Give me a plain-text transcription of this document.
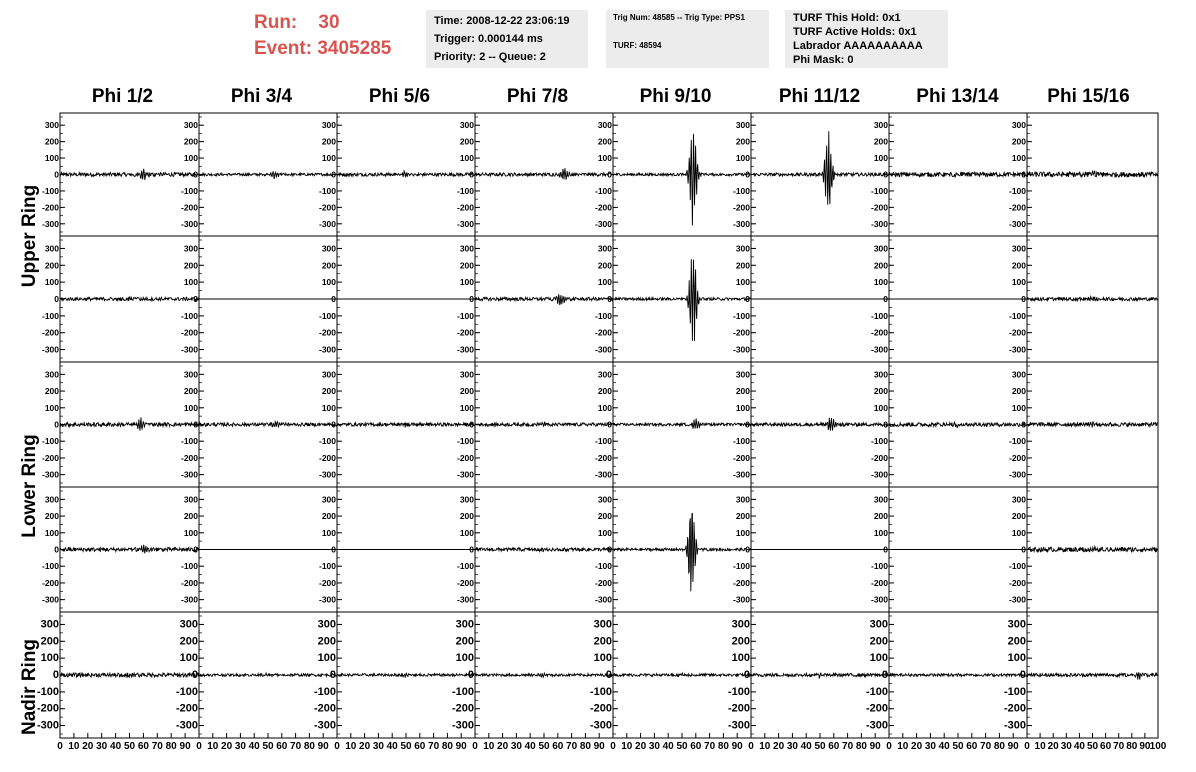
Run: 30
Event: 3405285
Time: 2008-12-22 23:06:19
Trigger: 0.000144 ms
Priority: 2 -- Queue: 2
Trig Num: 48585 -- Trig Type: PPS1
TURF: 48594
TURF This Hold: 0x1
TURF Active Holds: 0x1
Labrador AAAAAAAAAA
Phi Mask: 0
Phi 1/2	Phi 3/4	Phi 5/6	Phi 7/8	Phi 9/10	Phi 11/12	Phi 13/14	Phi 15/16
Upper Ring
Lower Ring
Nadir Ring
-300
-200
-100
0
100
200
300
-300
-200
-100
0
100
200
300
-300
-200
-100
0
100
200
300
-300
-200
-100
0
100
200
300
-300
-200
-100
0
100
200
300
-300
-200
-100
0
100
200
300
-300
-200
-100
0
100
200
300
-300
-200
-100
0
100
200
300
-300
-200
-100
0
100
200
300
-300
-200
-100
0
100
200
300
-300
-200
-100
0
100
200
300
-300
-200
-100
0
100
200
300
-300
-200
-100
0
100
200
300
-300
-200
-100
0
100
200
300
-300
-200
-100
0
100
200
300
-300
-200
-100
0
100
200
300
-300
-200
-100
0
100
200
300
-300
-200
-100
0
100
200
300
-300
-200
-100
0
100
200
300
-300
-200
-100
0
100
200
300
-300
-200
-100
0
100
200
300
-300
-200
-100
0
100
200
300
-300
-200
-100
0
100
200
300
-300
-200
-100
0
100
200
300
-300
-200
-100
0
100
200
300
-300
-200
-100
0
100
200
300
-300
-200
-100
0
100
200
300
-300
-200
-100
0
100
200
300
-300
-200
-100
0
100
200
300
-300
-200
-100
0
100
200
300
-300
-200
-100
0
100
200
300
-300
-200
-100
0
100
200
300
-300
-200
-100
0
100
200
300
-300
-200
-100
0
100
200
300
-300
-200
-100
0
100
200
300
-300
-200
-100
0
100
200
300
-300
-200
-100
0
100
200
300
-300
-200
-100
0
100
200
300
-300
-200
-100
0
100
200
300
-300
-200
-100
0
100
200
300
0 10 20 30 40 50 60 70 80 90 0 10 20 30 40 50 60 70 80 90 0 10 20 30 40 50 60 70 80 90 0 10 20 30 40 50 60 70 80 90 0 10 20 30 40 50 60 70 80 90 0 10 20 30 40 50 60 70 80 90 0 10 20 30 40 50 60 70 80 90 0 10 20 30 40 50 60 70 80 90 100
